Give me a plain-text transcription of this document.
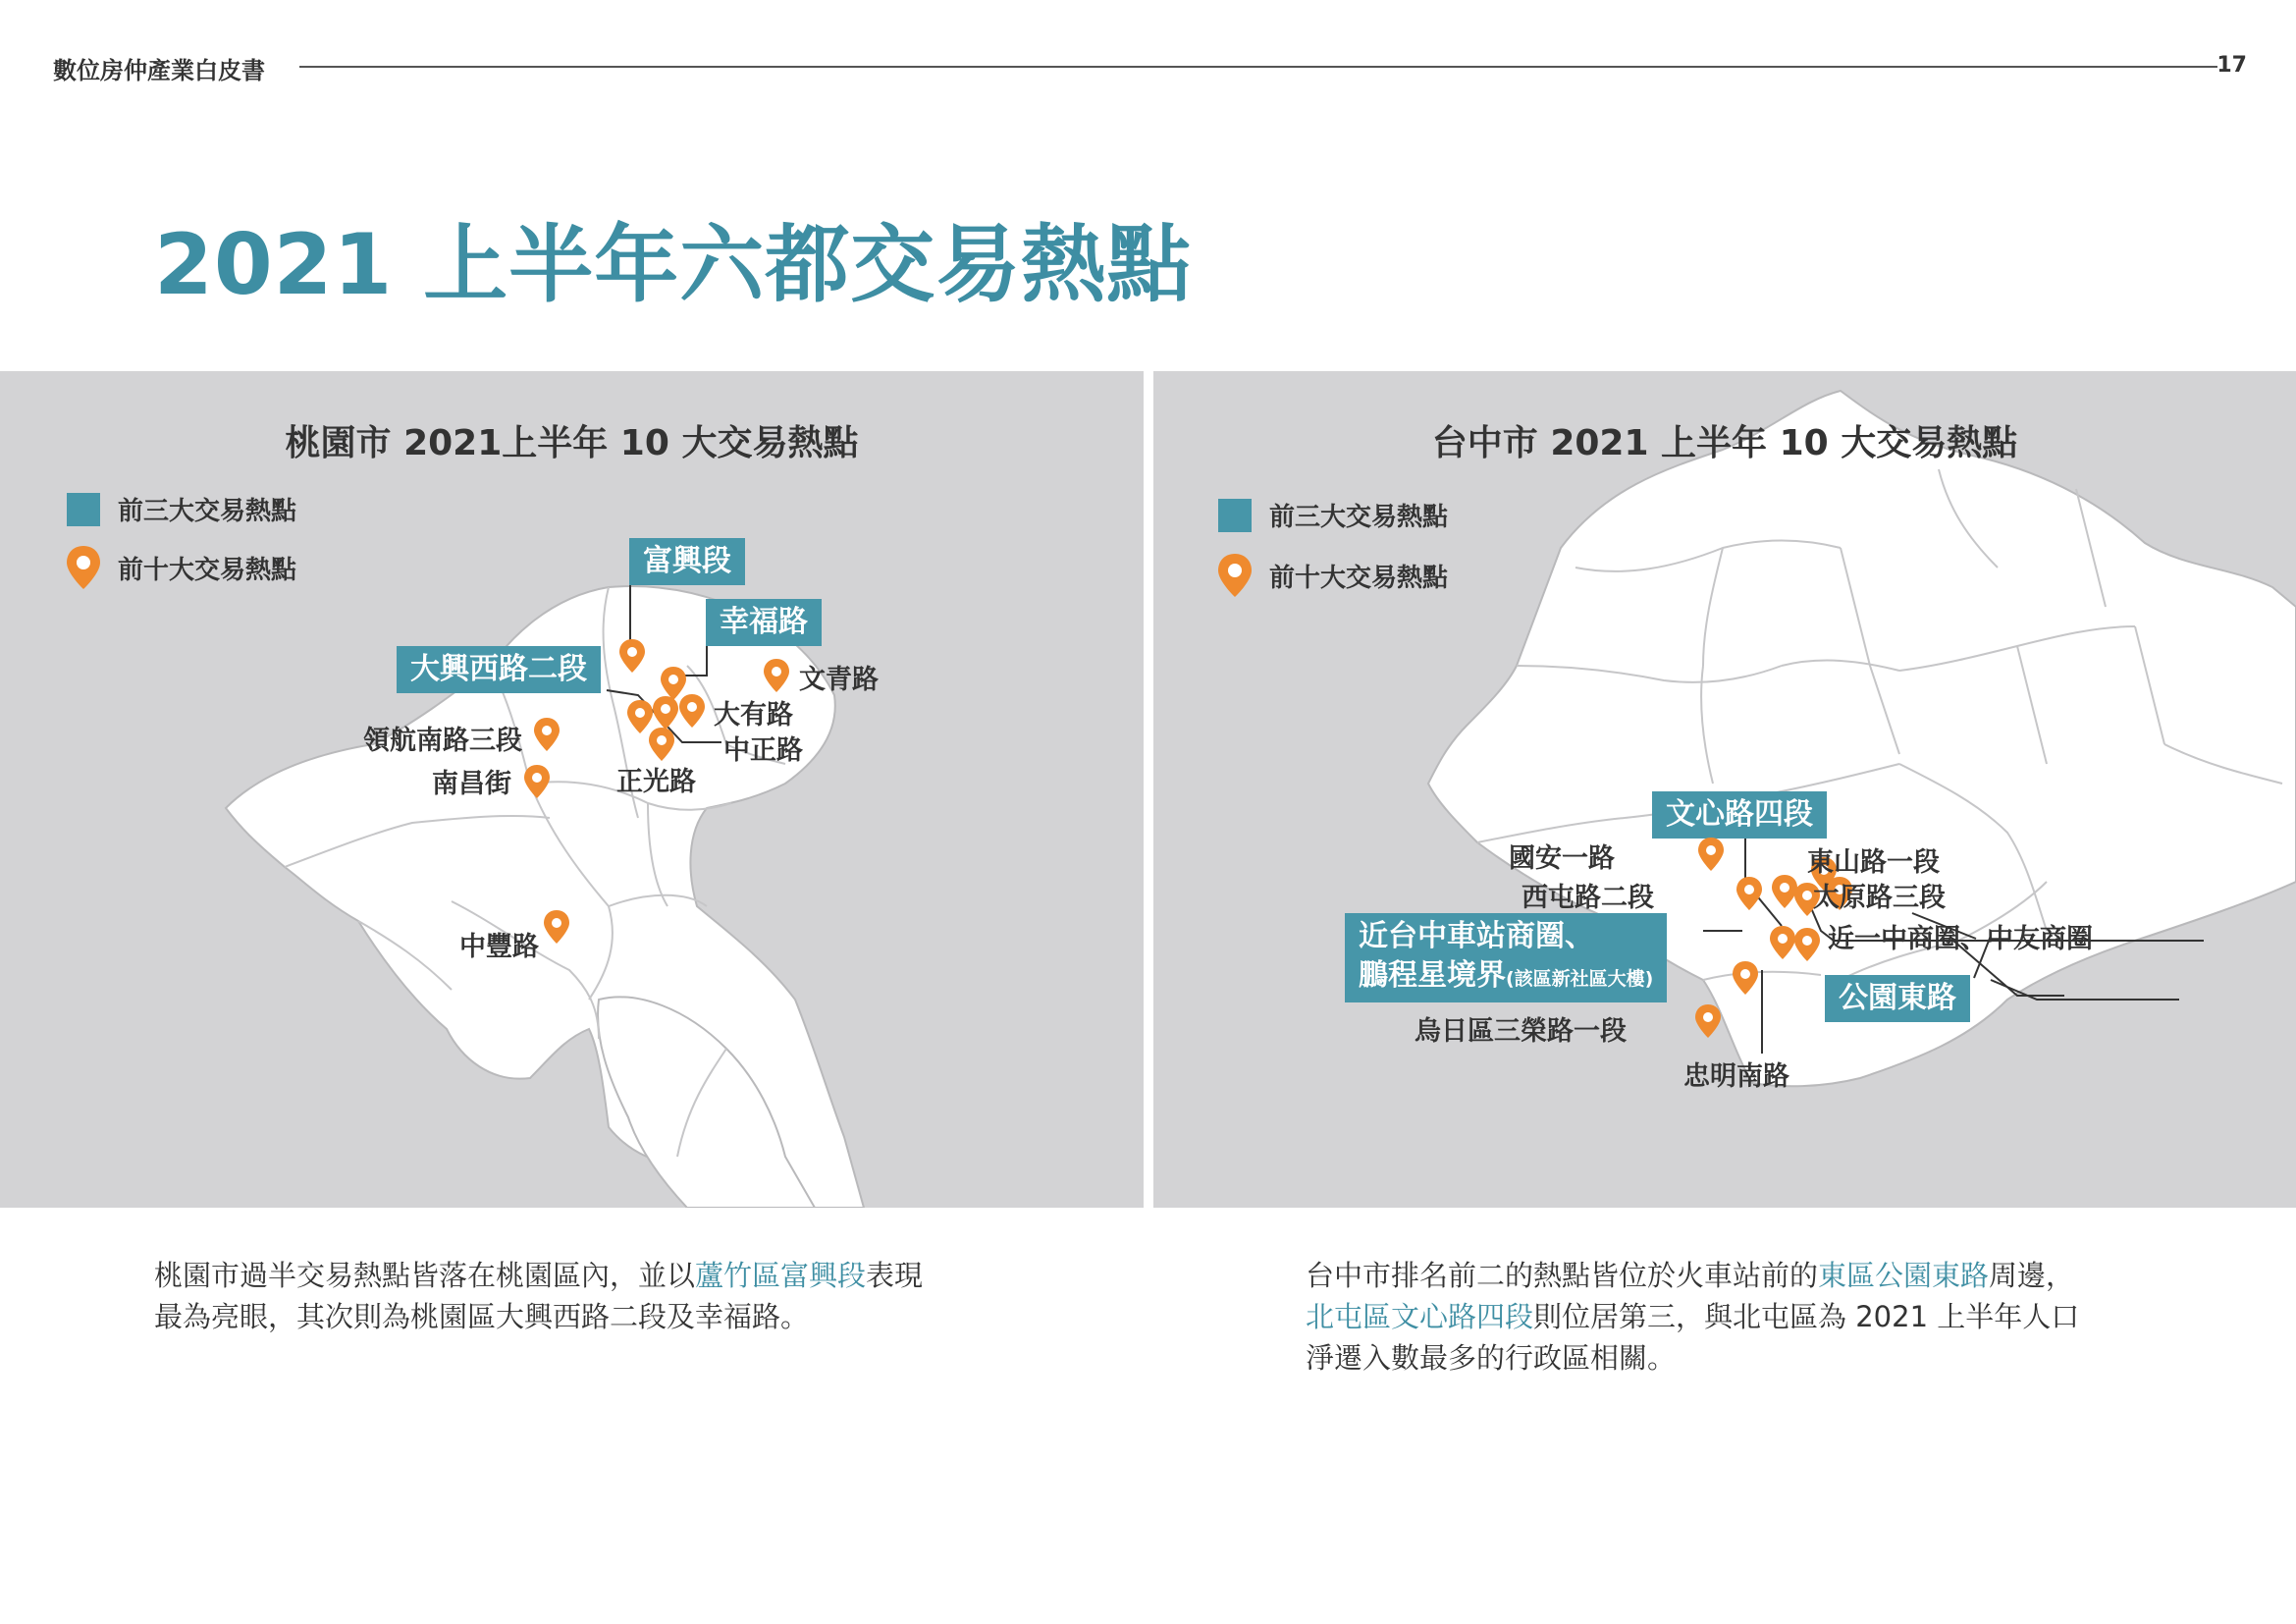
數位房仲產業白皮書	17
2021 上半年六都交易熱點
桃園市 2021上半年 10 大交易熱點
前三大交易熱點
前十大交易熱點	富興段
幸福路
大興西路二段	文青路
大有路
中正路
正光路
領航南路三段
南昌街
中豐路
台中市 2021 上半年 10 大交易熱點
前三大交易熱點
前十大交易熱點
文心路四段
近台中車站商圈、
鵬程星境界(該區新社區大樓)
公園東路
國安一路
西屯路二段
東山路一段
太原路三段
近一中商圈、中友商圈
烏日區三榮路一段
忠明南路
桃園市過半交易熱點皆落在桃園區內，並以蘆竹區富興段表現
最為亮眼，其次則為桃園區大興西路二段及幸福路。
台中市排名前二的熱點皆位於火車站前的東區公園東路周邊，
北屯區文心路四段則位居第三，與北屯區為 2021 上半年人口
淨遷入數最多的行政區相關。
